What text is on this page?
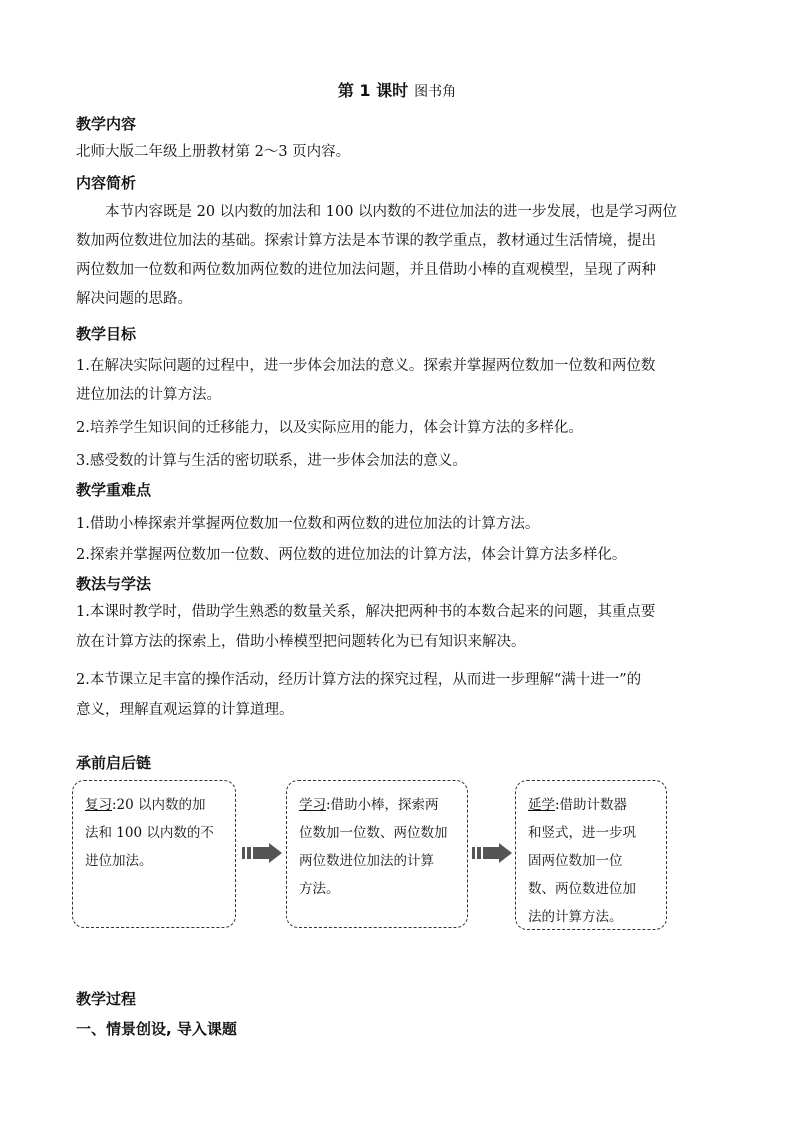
第 1 课时 图书角
教学内容
北师大版二年级上册教材第 2～3 页内容。
内容简析
本节内容既是 20 以内数的加法和 100 以内数的不进位加法的进一步发展，也是学习两位
数加两位数进位加法的基础。探索计算方法是本节课的教学重点，教材通过生活情境，提出
两位数加一位数和两位数加两位数的进位加法问题，并且借助小棒的直观模型，呈现了两种
解决问题的思路。
教学目标
1.在解决实际问题的过程中，进一步体会加法的意义。探索并掌握两位数加一位数和两位数
进位加法的计算方法。
2.培养学生知识间的迁移能力，以及实际应用的能力，体会计算方法的多样化。
3.感受数的计算与生活的密切联系，进一步体会加法的意义。
教学重难点
1.借助小棒探索并掌握两位数加一位数和两位数的进位加法的计算方法。
2.探索并掌握两位数加一位数、两位数的进位加法的计算方法，体会计算方法多样化。
教法与学法
1.本课时教学时，借助学生熟悉的数量关系，解决把两种书的本数合起来的问题，其重点要
放在计算方法的探索上，借助小棒模型把问题转化为已有知识来解决。
2.本节课立足丰富的操作活动，经历计算方法的探究过程，从而进一步理解“满十进一”的
意义，理解直观运算的计算道理。
承前启后链
复习:20 以内数的加
法和 100 以内数的不
进位加法。
学习:借助小棒，探索两
位数加一位数、两位数加
两位数进位加法的计算
方法。
延学:借助计数器
和竖式，进一步巩
固两位数加一位
数、两位数进位加
法的计算方法。
教学过程
一、情景创设, 导入课题
